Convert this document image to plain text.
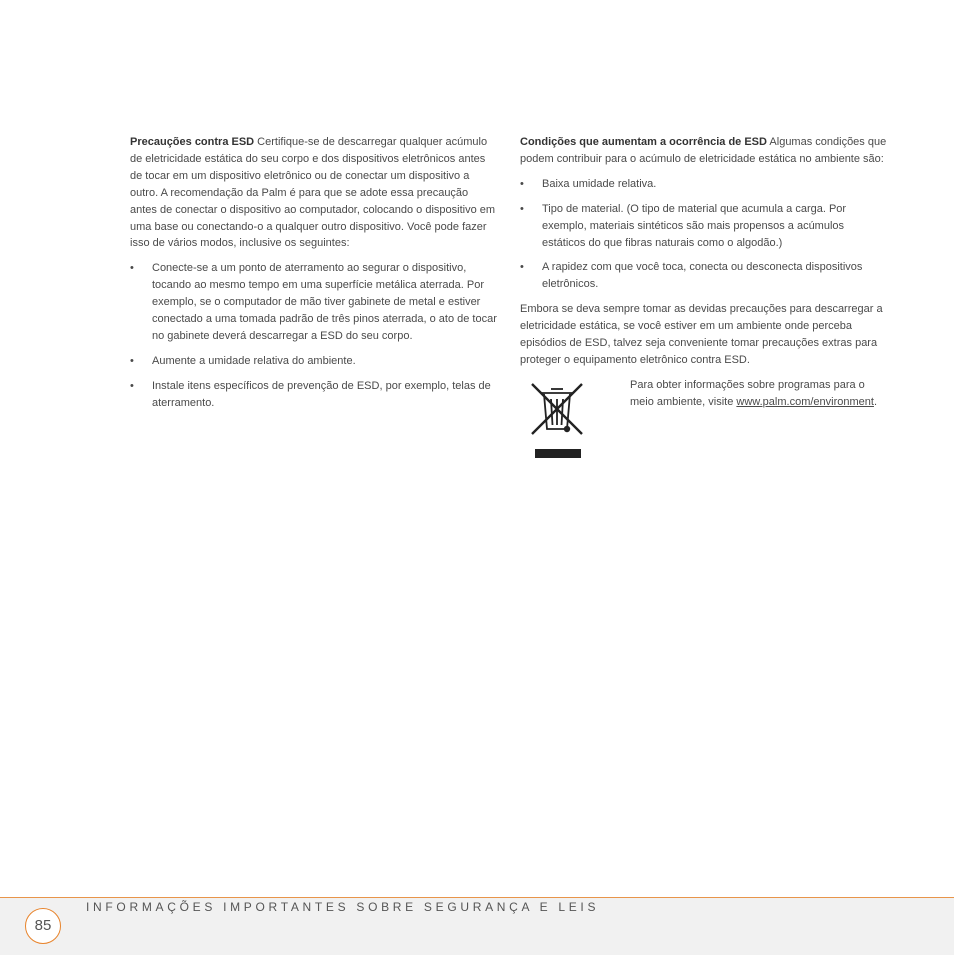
Precauções contra ESD Certifique-se de descarregar qualquer acúmulo de eletricidade estática do seu corpo e dos dispositivos eletrônicos antes de tocar em um dispositivo eletrônico ou de conectar um dispositivo a outro. A recomendação da Palm é para que se adote essa precaução antes de conectar o dispositivo ao computador, colocando o dispositivo em uma base ou conectando-o a qualquer outro dispositivo. Você pode fazer isso de vários modos, inclusive os seguintes:

• Conecte-se a um ponto de aterramento ao segurar o dispositivo, tocando ao mesmo tempo em uma superfície metálica aterrada. Por exemplo, se o computador de mão tiver gabinete de metal e estiver conectado a uma tomada padrão de três pinos aterrada, o ato de tocar no gabinete deverá descarregar a ESD do seu corpo.
• Aumente a umidade relativa do ambiente.
• Instale itens específicos de prevenção de ESD, por exemplo, telas de aterramento.

Condições que aumentam a ocorrência de ESD Algumas condições que podem contribuir para o acúmulo de eletricidade estática no ambiente são:

• Baixa umidade relativa.
• Tipo de material. (O tipo de material que acumula a carga. Por exemplo, materiais sintéticos são mais propensos a acúmulos estáticos do que fibras naturais como o algodão.)
• A rapidez com que você toca, conecta ou desconecta dispositivos eletrônicos.

Embora se deva sempre tomar as devidas precauções para descarregar a eletricidade estática, se você estiver em um ambiente onde perceba episódios de ESD, talvez seja conveniente tomar precauções extras para proteger o equipamento eletrônico contra ESD.

Para obter informações sobre programas para o meio ambiente, visite www.palm.com/environment.
85
INFORMAÇÕES IMPORTANTES SOBRE SEGURANÇA E LEIS
